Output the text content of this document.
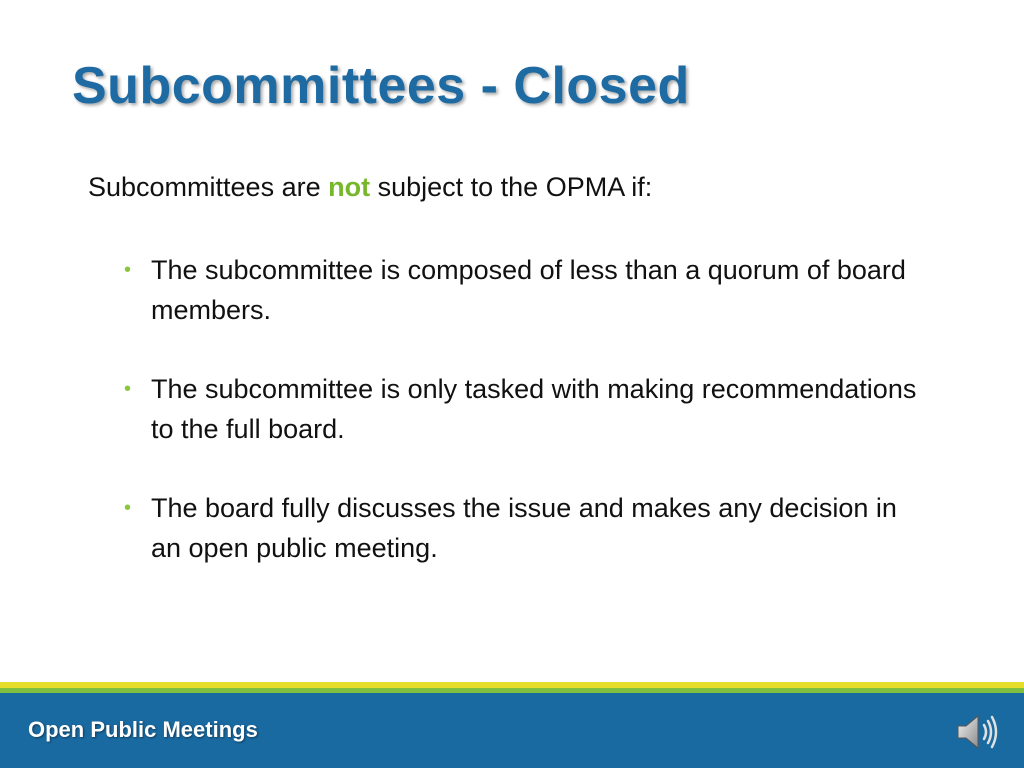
Subcommittees - Closed
Subcommittees are not subject to the OPMA if:
• The subcommittee is composed of less than a quorum of board members.
• The subcommittee is only tasked with making recommendations to the full board.
• The board fully discusses the issue and makes any decision in an open public meeting.
Open Public Meetings
